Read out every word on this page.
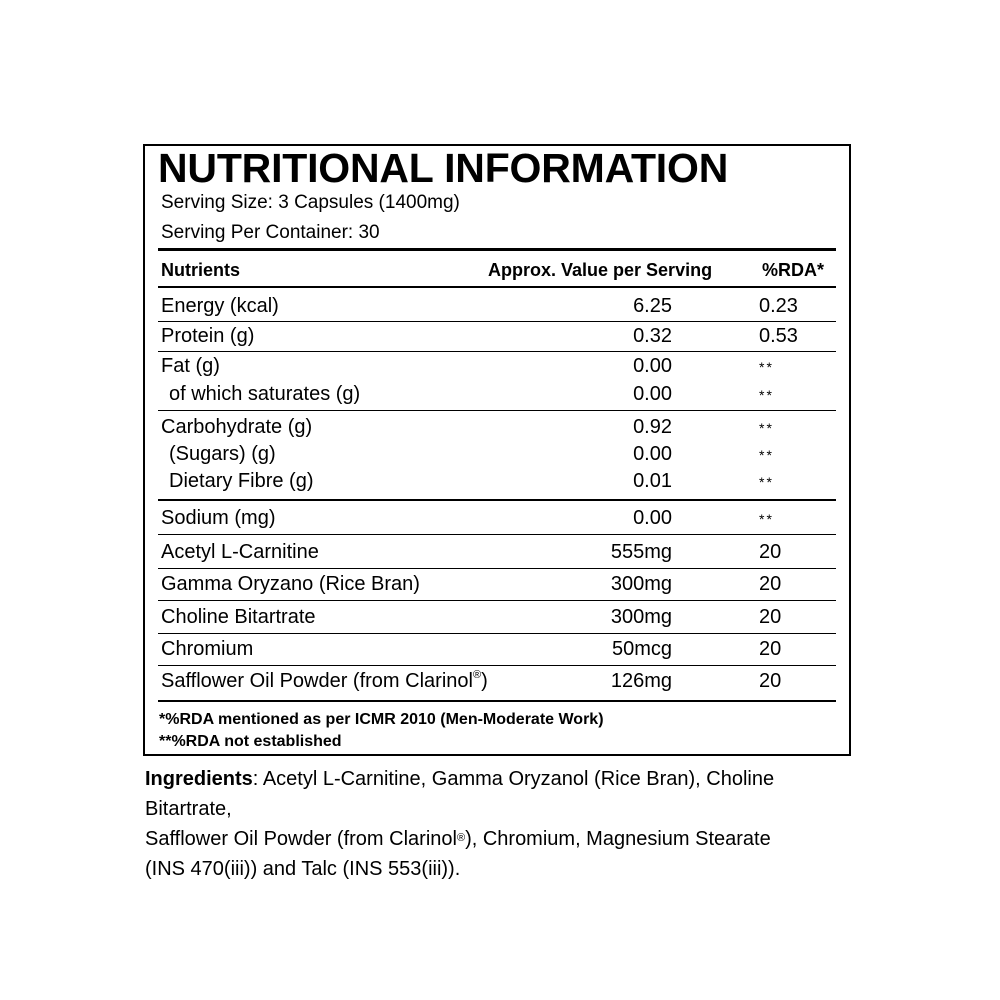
NUTRITIONAL INFORMATION
Serving Size: 3 Capsules (1400mg)
Serving Per Container: 30
Nutrients	Approx. Value per Serving	%RDA*
Energy (kcal)	6.25	0.23
Protein (g)	0.32	0.53
Fat (g)	0.00	**
of which saturates (g)	0.00	**
Carbohydrate (g)	0.92	**
(Sugars) (g)	0.00	**
Dietary Fibre (g)	0.01	**
Sodium (mg)	0.00	**
Acetyl L-Carnitine	555mg	20
Gamma Oryzano (Rice Bran)	300mg	20
Choline Bitartrate	300mg	20
Chromium	50mcg	20
Safflower Oil Powder (from Clarinol®)	126mg	20
*%RDA mentioned as per ICMR 2010 (Men-Moderate Work)
**%RDA not established
Ingredients: Acetyl L-Carnitine, Gamma Oryzanol (Rice Bran), Choline Bitartrate,
Safflower Oil Powder (from Clarinol®), Chromium, Magnesium Stearate
(INS 470(iii)) and Talc (INS 553(iii)).
